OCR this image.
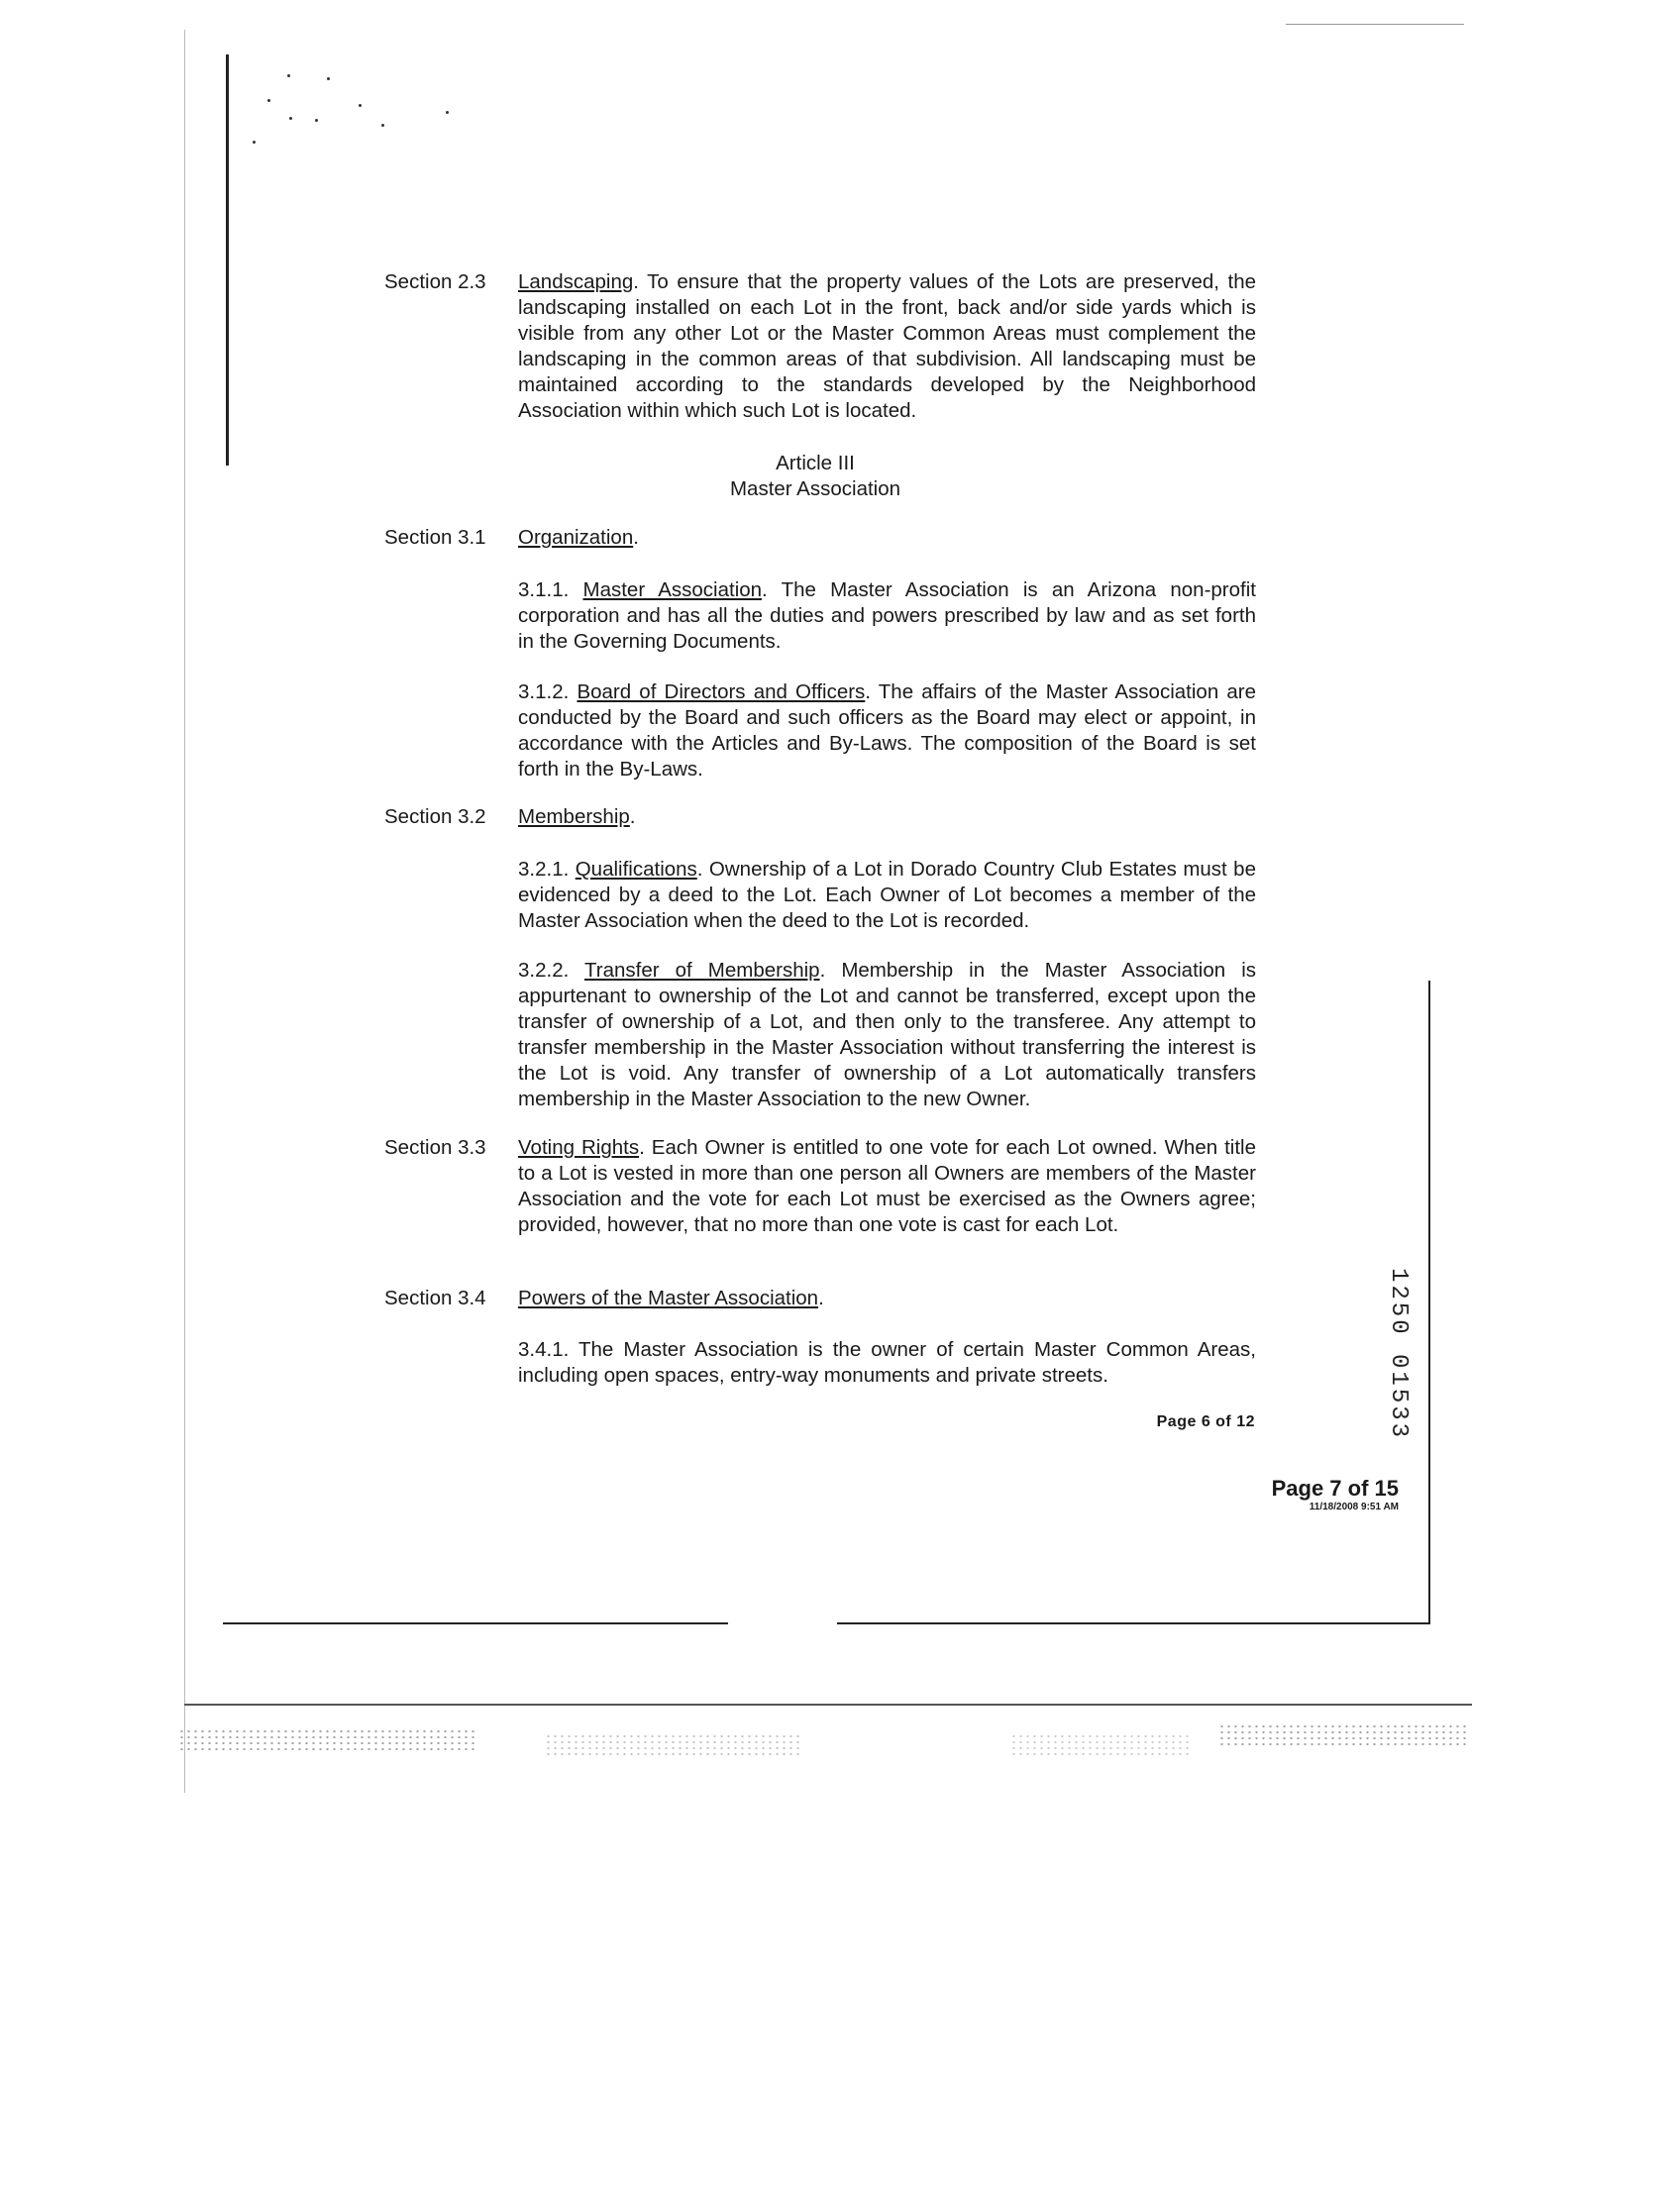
Section 2.3	Landscaping. To ensure that the property values of the Lots are preserved, the landscaping installed on each Lot in the front, back and/or side yards which is visible from any other Lot or the Master Common Areas must complement the landscaping in the common areas of that subdivision. All landscaping must be maintained according to the standards developed by the Neighborhood Association within which such Lot is located.
Article III
Master Association
Section 3.1	Organization.
3.1.1. Master Association. The Master Association is an Arizona non-profit corporation and has all the duties and powers prescribed by law and as set forth in the Governing Documents.
3.1.2. Board of Directors and Officers. The affairs of the Master Association are conducted by the Board and such officers as the Board may elect or appoint, in accordance with the Articles and By-Laws. The composition of the Board is set forth in the By-Laws.
Section 3.2	Membership.
3.2.1. Qualifications. Ownership of a Lot in Dorado Country Club Estates must be evidenced by a deed to the Lot. Each Owner of Lot becomes a member of the Master Association when the deed to the Lot is recorded.
3.2.2. Transfer of Membership. Membership in the Master Association is appurtenant to ownership of the Lot and cannot be transferred, except upon the transfer of ownership of a Lot, and then only to the transferee. Any attempt to transfer membership in the Master Association without transferring the interest is the Lot is void. Any transfer of ownership of a Lot automatically transfers membership in the Master Association to the new Owner.
Section 3.3	Voting Rights. Each Owner is entitled to one vote for each Lot owned. When title to a Lot is vested in more than one person all Owners are members of the Master Association and the vote for each Lot must be exercised as the Owners agree; provided, however, that no more than one vote is cast for each Lot.
Section 3.4	Powers of the Master Association.
3.4.1. The Master Association is the owner of certain Master Common Areas, including open spaces, entry-way monuments and private streets.
Page 6 of 12
Page 7 of 15
11/18/2008 9:51 AM
1250 01533
